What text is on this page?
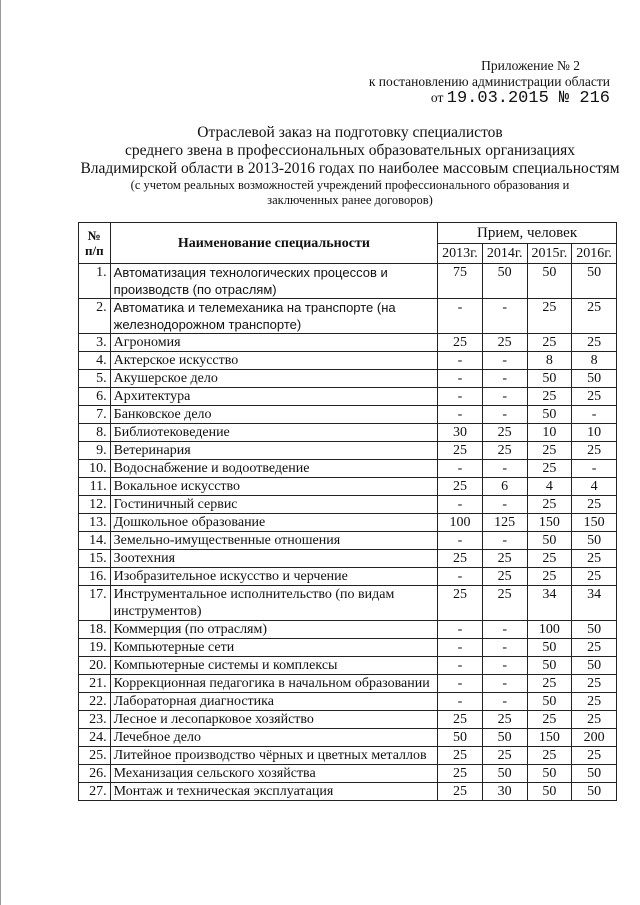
Приложение № 2
к постановлению администрации области
от 19.03.2015 № 216
Отраслевой заказ на подготовку специалистов
среднего звена в профессиональных образовательных организациях
Владимирской области в 2013-2016 годах по наиболее массовым специальностям
(с учетом реальных возможностей учреждений профессионального образования и заключенных ранее договоров)
№ п/п	Наименование специальности	Прием, человек			
		2013г.	2014г.	2015г.	2016г.
1.	Автоматизация технологических процессов и производств (по отраслям)	75	50	50	50
2.	Автоматика и телемеханика на транспорте (на железнодорожном транспорте)	-	-	25	25
3.	Агрономия	25	25	25	25
4.	Актерское искусство	-	-	8	8
5.	Акушерское дело	-	-	50	50
6.	Архитектура	-	-	25	25
7.	Банковское дело	-	-	50	-
8.	Библиотековедение	30	25	10	10
9.	Ветеринария	25	25	25	25
10.	Водоснабжение и водоотведение	-	-	25	-
11.	Вокальное искусство	25	6	4	4
12.	Гостиничный сервис	-	-	25	25
13.	Дошкольное образование	100	125	150	150
14.	Земельно-имущественные отношения	-	-	50	50
15.	Зоотехния	25	25	25	25
16.	Изобразительное искусство и черчение	-	25	25	25
17.	Инструментальное исполнительство (по видам инструментов)	25	25	34	34
18.	Коммерция (по отраслям)	-	-	100	50
19.	Компьютерные сети	-	-	50	25
20.	Компьютерные системы и комплексы	-	-	50	50
21.	Коррекционная педагогика в начальном образовании	-	-	25	25
22.	Лабораторная диагностика	-	-	50	25
23.	Лесное и лесопарковое хозяйство	25	25	25	25
24.	Лечебное дело	50	50	150	200
25.	Литейное производство чёрных и цветных металлов	25	25	25	25
26.	Механизация сельского хозяйства	25	50	50	50
27.	Монтаж и техническая эксплуатация	25	30	50	50
